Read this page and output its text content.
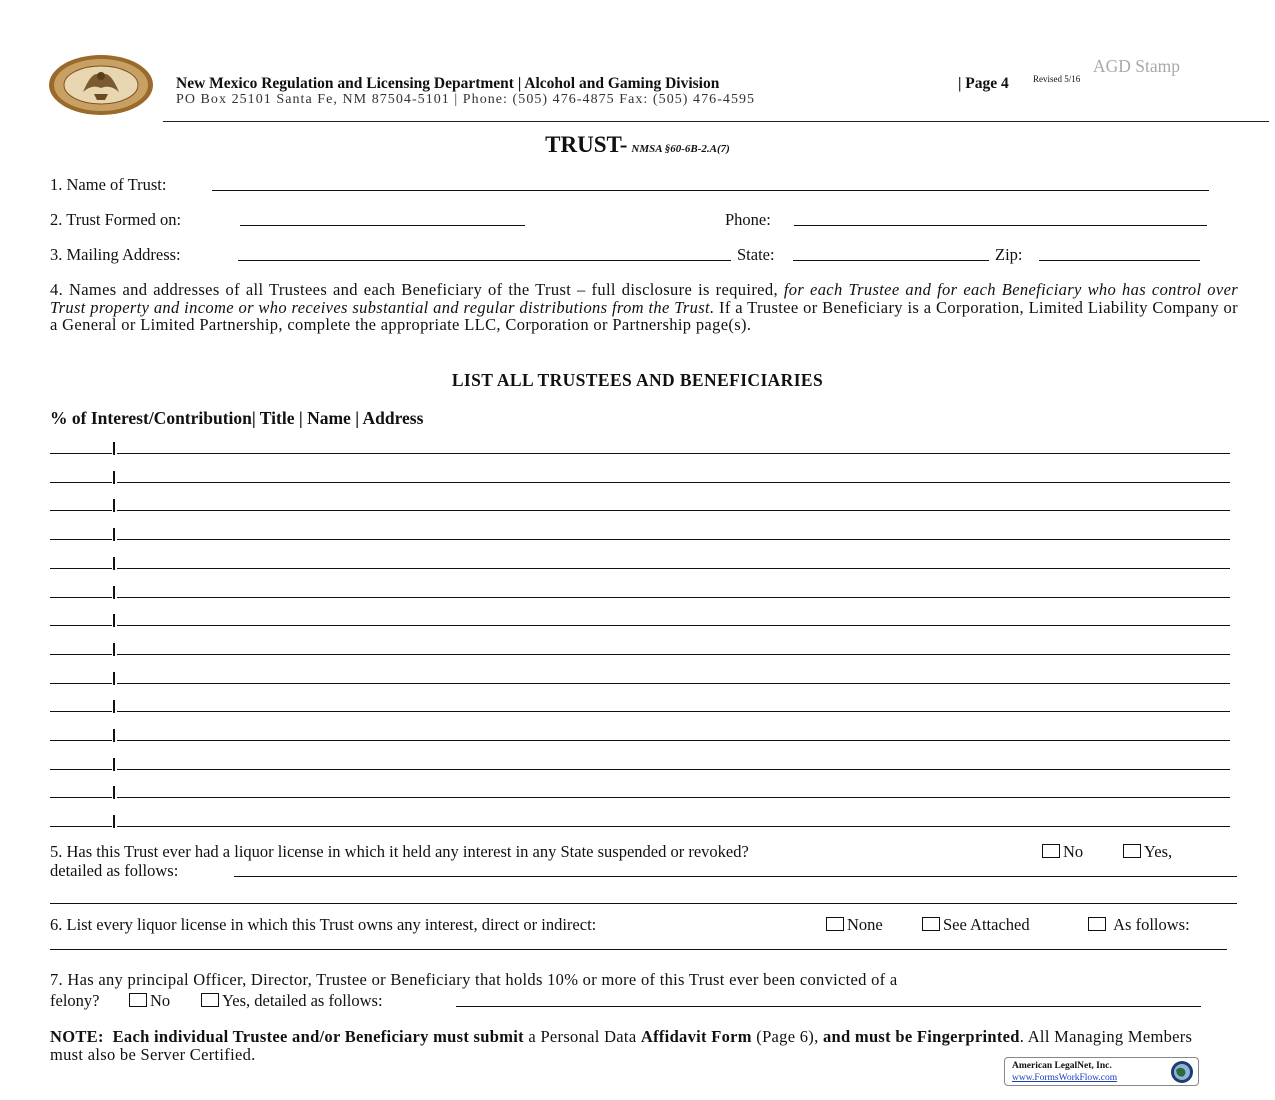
New Mexico Regulation and Licensing Department | Alcohol and Gaming Division	| Page 4	Revised 5/16
PO Box 25101 Santa Fe, NM 87504-5101 | Phone: (505) 476-4875 Fax: (505) 476-4595
AGD Stamp
TRUST- NMSA §60-6B-2.A(7)
1. Name of Trust:
2. Trust Formed on:	Phone:
3. Mailing Address:	State:	Zip:
4. Names and addresses of all Trustees and each Beneficiary of the Trust – full disclosure is required, for each Trustee and for each Beneficiary who has control over Trust property and income or who receives substantial and regular distributions from the Trust. If a Trustee or Beneficiary is a Corporation, Limited Liability Company or a General or Limited Partnership, complete the appropriate LLC, Corporation or Partnership page(s).
LIST ALL TRUSTEES AND BENEFICIARIES
% of Interest/Contribution| Title | Name | Address
5. Has this Trust ever had a liquor license in which it held any interest in any State suspended or revoked?	No	Yes,
detailed as follows:
6. List every liquor license in which this Trust owns any interest, direct or indirect:	None	See Attached	As follows:
7. Has any principal Officer, Director, Trustee or Beneficiary that holds 10% or more of this Trust ever been convicted of a
felony?	No	Yes, detailed as follows:
NOTE: Each individual Trustee and/or Beneficiary must submit a Personal Data Affidavit Form (Page 6), and must be Fingerprinted. All Managing Members must also be Server Certified.
American LegalNet, Inc.
www.FormsWorkFlow.com
